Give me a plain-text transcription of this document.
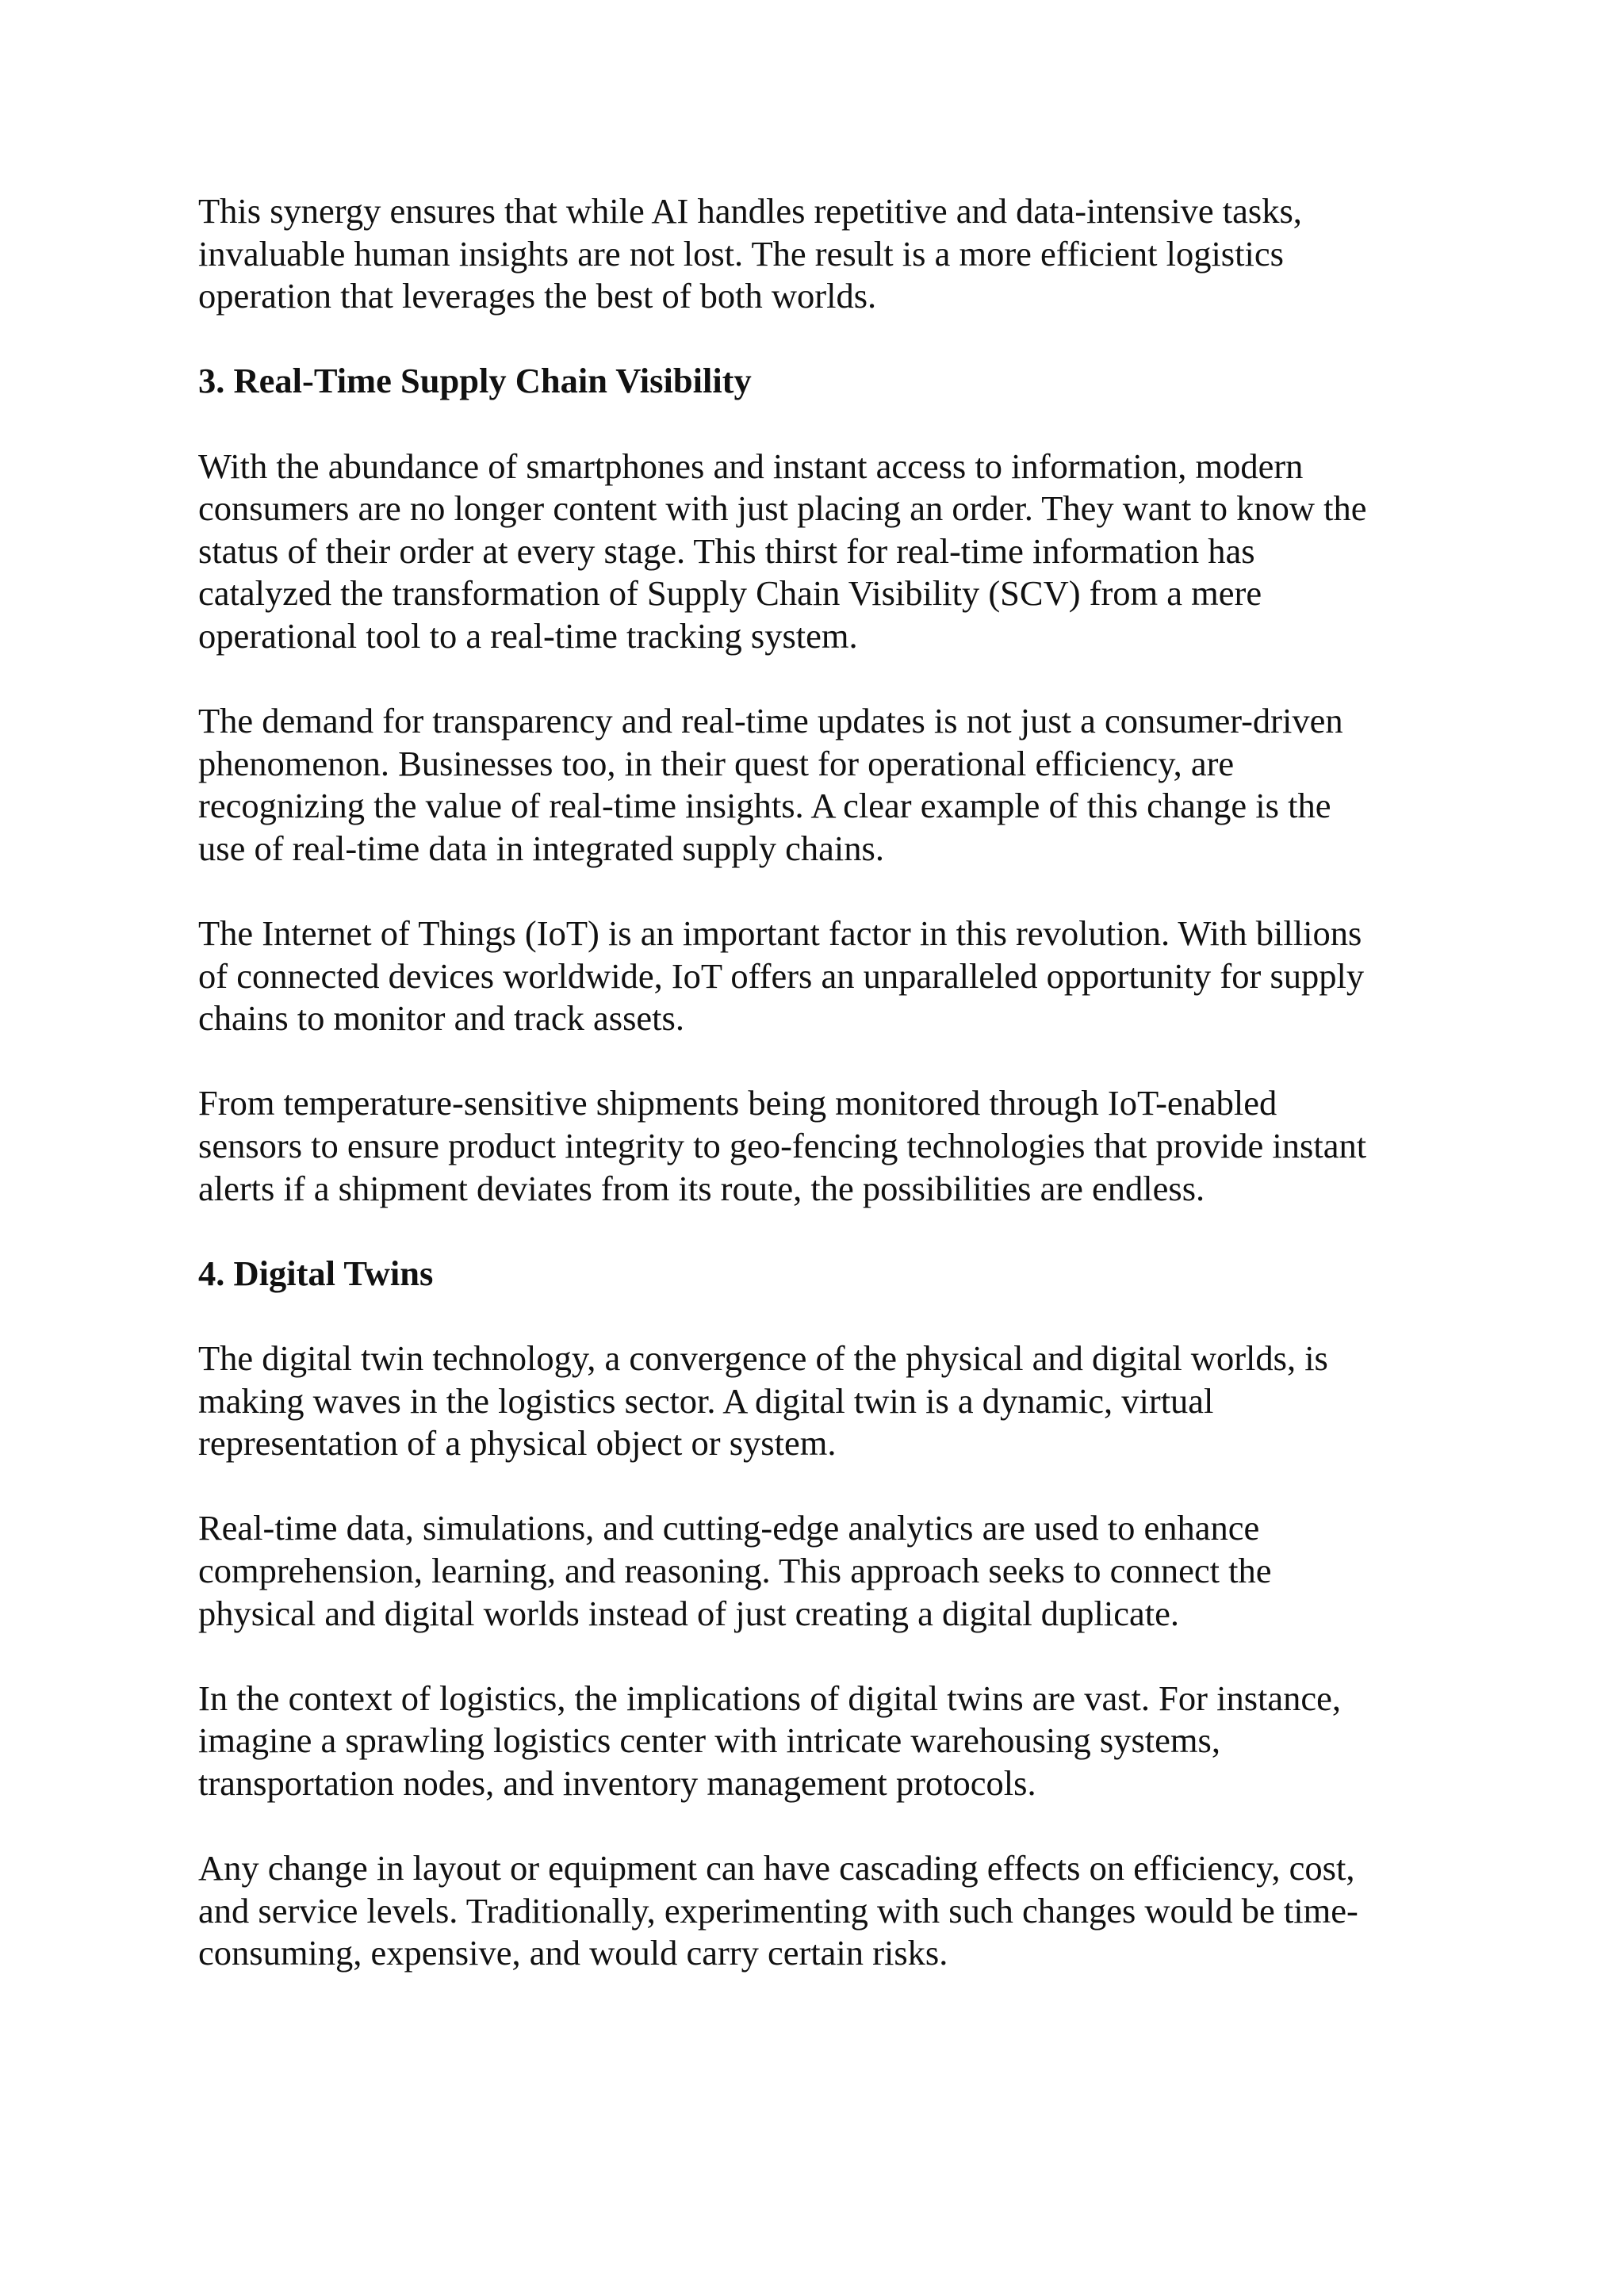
This synergy ensures that while AI handles repetitive and data-intensive tasks,
invaluable human insights are not lost. The result is a more efficient logistics
operation that leverages the best of both worlds.

3. Real-Time Supply Chain Visibility

With the abundance of smartphones and instant access to information, modern
consumers are no longer content with just placing an order. They want to know the
status of their order at every stage. This thirst for real-time information has
catalyzed the transformation of Supply Chain Visibility (SCV) from a mere
operational tool to a real-time tracking system.

The demand for transparency and real-time updates is not just a consumer-driven
phenomenon. Businesses too, in their quest for operational efficiency, are
recognizing the value of real-time insights. A clear example of this change is the
use of real-time data in integrated supply chains.

The Internet of Things (IoT) is an important factor in this revolution. With billions
of connected devices worldwide, IoT offers an unparalleled opportunity for supply
chains to monitor and track assets.

From temperature-sensitive shipments being monitored through IoT-enabled
sensors to ensure product integrity to geo-fencing technologies that provide instant
alerts if a shipment deviates from its route, the possibilities are endless.

4. Digital Twins

The digital twin technology, a convergence of the physical and digital worlds, is
making waves in the logistics sector. A digital twin is a dynamic, virtual
representation of a physical object or system.

Real-time data, simulations, and cutting-edge analytics are used to enhance
comprehension, learning, and reasoning. This approach seeks to connect the
physical and digital worlds instead of just creating a digital duplicate.

In the context of logistics, the implications of digital twins are vast. For instance,
imagine a sprawling logistics center with intricate warehousing systems,
transportation nodes, and inventory management protocols.

Any change in layout or equipment can have cascading effects on efficiency, cost,
and service levels. Traditionally, experimenting with such changes would be time-
consuming, expensive, and would carry certain risks.
